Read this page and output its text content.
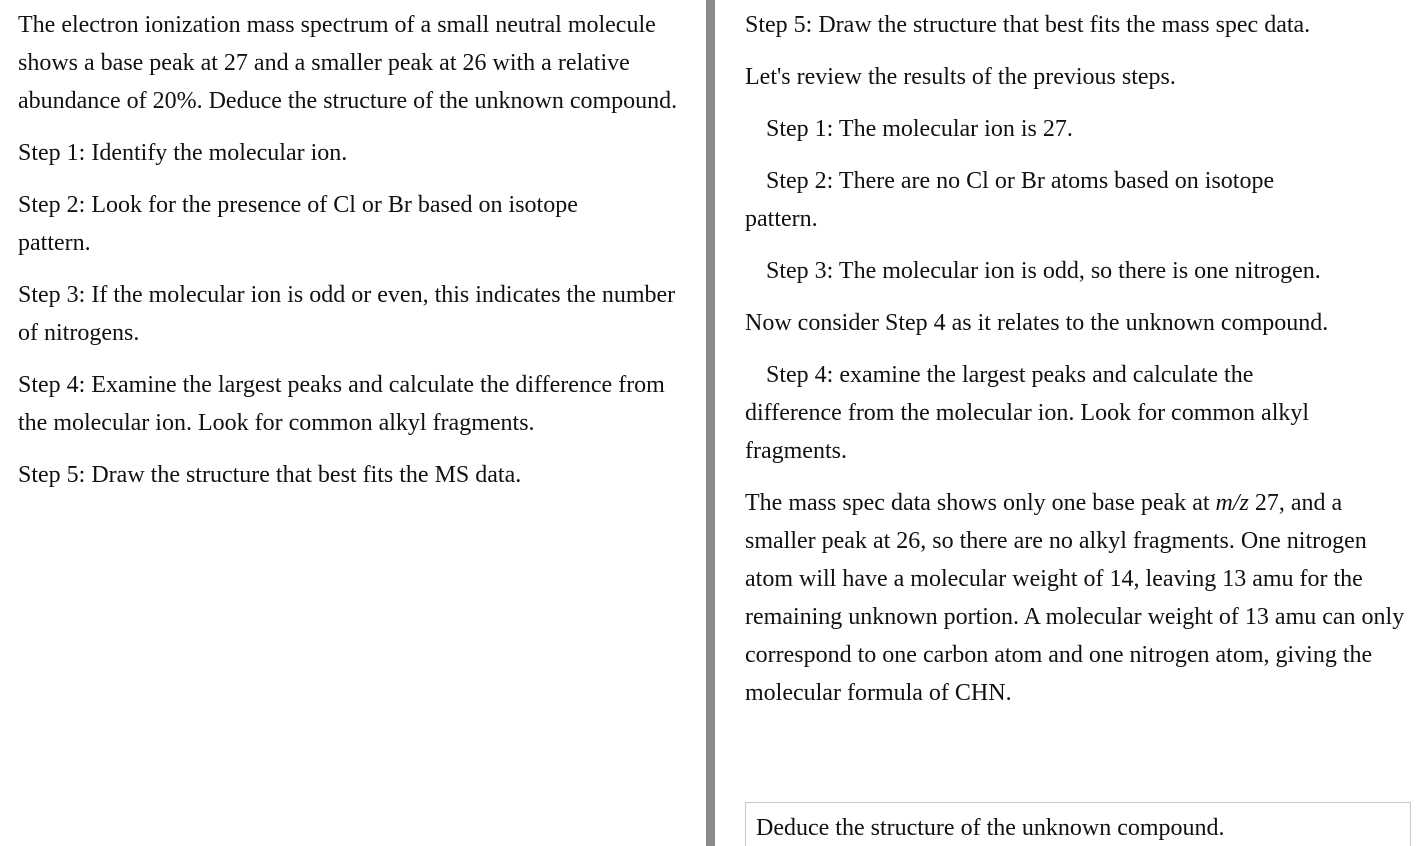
The electron ionization mass spectrum of a small neutral molecule shows a base peak at 27 and a smaller peak at 26 with a relative abundance of 20%. Deduce the structure of the unknown compound.

Step 1: Identify the molecular ion.

Step 2: Look for the presence of Cl or Br based on isotope pattern.

Step 3: If the molecular ion is odd or even, this indicates the number of nitrogens.

Step 4: Examine the largest peaks and calculate the difference from the molecular ion. Look for common alkyl fragments.

Step 5: Draw the structure that best fits the MS data.

Step 5: Draw the structure that best fits the mass spec data.

Let's review the results of the previous steps.

Step 1: The molecular ion is 27.

Step 2: There are no Cl or Br atoms based on isotope pattern.

Step 3: The molecular ion is odd, so there is one nitrogen.

Now consider Step 4 as it relates to the unknown compound.

Step 4: examine the largest peaks and calculate the difference from the molecular ion. Look for common alkyl fragments.

The mass spec data shows only one base peak at m/z 27, and a smaller peak at 26, so there are no alkyl fragments. One nitrogen atom will have a molecular weight of 14, leaving 13 amu for the remaining unknown portion. A molecular weight of 13 amu can only correspond to one carbon atom and one nitrogen atom, giving the molecular formula of CHN.

Deduce the structure of the unknown compound.
